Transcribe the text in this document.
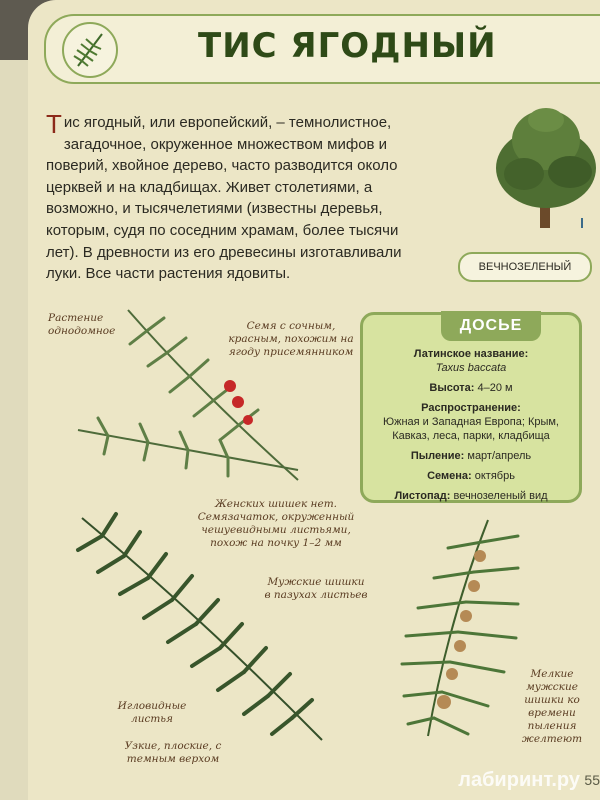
ТИС ЯГОДНЫЙ
Тис ягодный, или европейский, – темнолистное, загадочное, окруженное множеством мифов и поверий, хвойное дерево, часто разводится около церквей и на кладбищах. Живет столетиями, а возможно, и тысячелетиями (известны деревья, которым, судя по соседним храмам, более тысячи лет). В древности из его древесины изготавливали луки. Все части растения ядовиты.	ВЕЧНОЗЕЛЕНЫЙ
ДОСЬЕ
Латинское название:
Taxus baccata
Высота: 4–20 м
Распространение:
Южная и Западная Европа; Крым, Кавказ, леса, парки, кладбища
Пыление: март/апрель
Семена: октябрь
Листопад: вечнозеленый вид
Растение однодомное	Семя с сочным, красным, похожим на ягоду присемянником
Женских шишек нет. Семязачаток, окруженный чешуевидными листьями, похож на почку 1–2 мм
Мужские шишки в пазухах листьев
Игловидные листья
Узкие, плоские, с темным верхом
Мелкие мужские шишки ко времени пыления желтеют
лабиринт.ру 55
